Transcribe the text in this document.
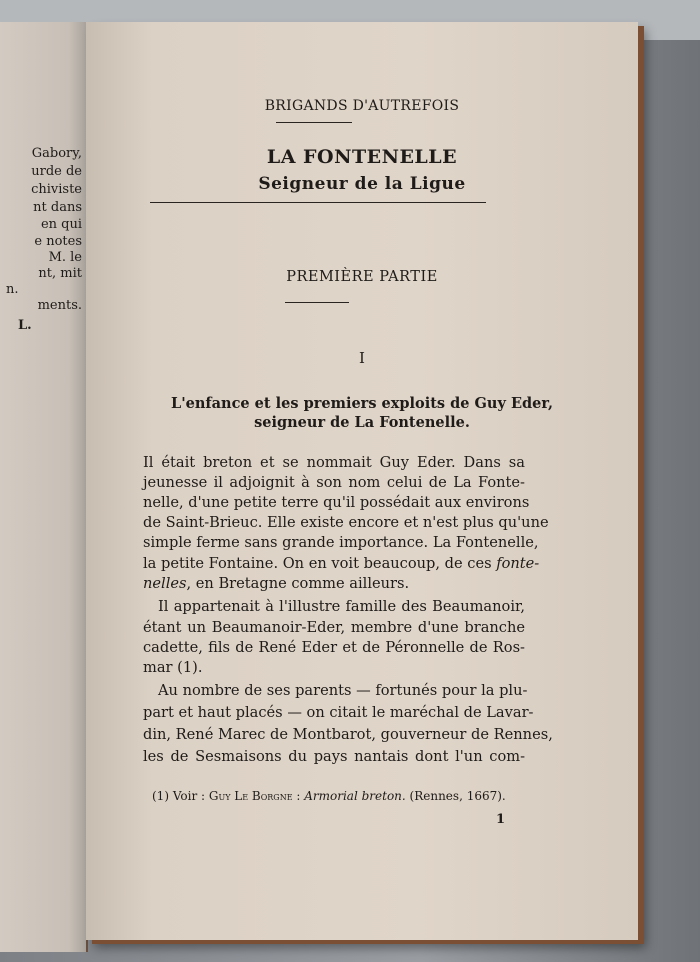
Gabory,
urde de
chiviste
nt dans
en qui
e notes
M. le
nt, mit
n.
ments.
L.
BRIGANDS D'AUTREFOIS
LA FONTENELLE
Seigneur de la Ligue
PREMIÈRE PARTIE
I
L'enfance et les premiers exploits de Guy Eder,
seigneur de La Fontenelle.
Il était breton et se nommait Guy Eder. Dans sa
jeunesse il adjoignit à son nom celui de La Fonte-
nelle, d'une petite terre qu'il possédait aux environs
de Saint-Brieuc. Elle existe encore et n'est plus qu'une
simple ferme sans grande importance. La Fontenelle,
la petite Fontaine. On en voit beaucoup, de ces fonte-
nelles, en Bretagne comme ailleurs.
Il appartenait à l'illustre famille des Beaumanoir,
étant un Beaumanoir-Eder, membre d'une branche
cadette, fils de René Eder et de Péronnelle de Ros-
mar (1).
Au nombre de ses parents — fortunés pour la plu-
part et haut placés — on citait le maréchal de Lavar-
din, René Marec de Montbarot, gouverneur de Rennes,
les de Sesmaisons du pays nantais dont l'un com-
(1) Voir : Guy Le Borgne : Armorial breton. (Rennes, 1667).
1
